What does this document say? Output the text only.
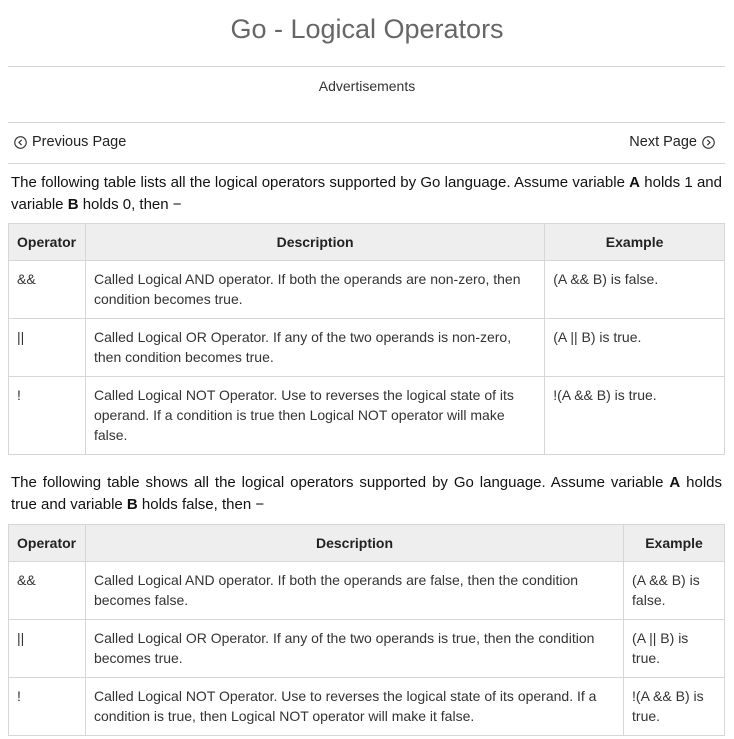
Go - Logical Operators
Advertisements
Previous Page	Next Page
The following table lists all the logical operators supported by Go language. Assume variable A holds 1 and variable B holds 0, then −
Operator	Description	Example
&&	Called Logical AND operator. If both the operands are non-zero, then condition becomes true.	(A && B) is false.
||	Called Logical OR Operator. If any of the two operands is non-zero, then condition becomes true.	(A || B) is true.
!	Called Logical NOT Operator. Use to reverses the logical state of its operand. If a condition is true then Logical NOT operator will make false.	!(A && B) is true.
The following table shows all the logical operators supported by Go language. Assume variable A holds true and variable B holds false, then −
Operator	Description	Example
&&	Called Logical AND operator. If both the operands are false, then the condition becomes false.	(A && B) is false.
||	Called Logical OR Operator. If any of the two operands is true, then the condition becomes true.	(A || B) is true.
!	Called Logical NOT Operator. Use to reverses the logical state of its operand. If a condition is true, then Logical NOT operator will make it false.	!(A && B) is true.
